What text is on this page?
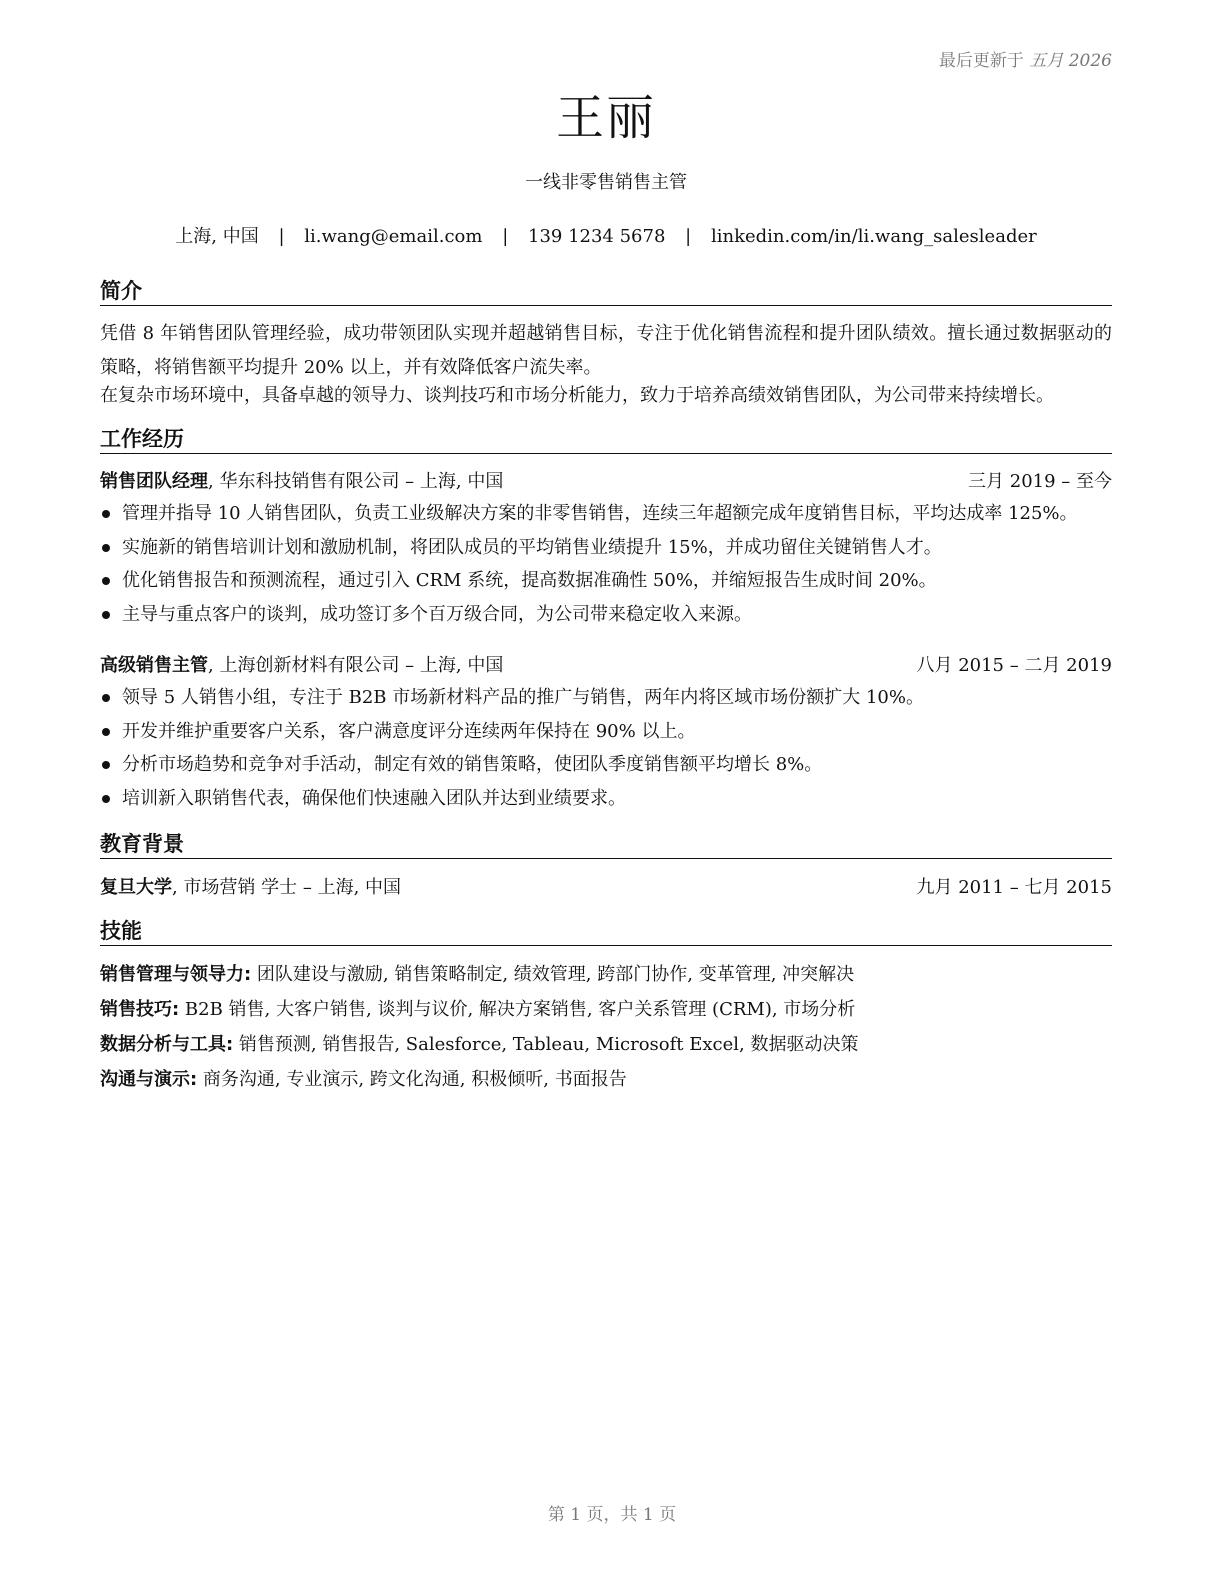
最后更新于 五月 2026
王丽
一线非零售销售主管
上海, 中国 | li.wang@email.com | 139 1234 5678 | linkedin.com/in/li.wang_salesleader
简介
凭借 8 年销售团队管理经验，成功带领团队实现并超越销售目标，专注于优化销售流程和提升团队绩效。擅长通过数据驱动的策略，将销售额平均提升 20% 以上，并有效降低客户流失率。
在复杂市场环境中，具备卓越的领导力、谈判技巧和市场分析能力，致力于培养高绩效销售团队，为公司带来持续增长。
工作经历
销售团队经理, 华东科技销售有限公司 – 上海, 中国	三月 2019 – 至今
管理并指导 10 人销售团队，负责工业级解决方案的非零售销售，连续三年超额完成年度销售目标，平均达成率 125%。
实施新的销售培训计划和激励机制，将团队成员的平均销售业绩提升 15%，并成功留住关键销售人才。
优化销售报告和预测流程，通过引入 CRM 系统，提高数据准确性 50%，并缩短报告生成时间 20%。
主导与重点客户的谈判，成功签订多个百万级合同，为公司带来稳定收入来源。
高级销售主管, 上海创新材料有限公司 – 上海, 中国	八月 2015 – 二月 2019
领导 5 人销售小组，专注于 B2B 市场新材料产品的推广与销售，两年内将区域市场份额扩大 10%。
开发并维护重要客户关系，客户满意度评分连续两年保持在 90% 以上。
分析市场趋势和竞争对手活动，制定有效的销售策略，使团队季度销售额平均增长 8%。
培训新入职销售代表，确保他们快速融入团队并达到业绩要求。
教育背景
复旦大学, 市场营销 学士 – 上海, 中国	九月 2011 – 七月 2015
技能
销售管理与领导力: 团队建设与激励, 销售策略制定, 绩效管理, 跨部门协作, 变革管理, 冲突解决
销售技巧: B2B 销售, 大客户销售, 谈判与议价, 解决方案销售, 客户关系管理 (CRM), 市场分析
数据分析与工具: 销售预测, 销售报告, Salesforce, Tableau, Microsoft Excel, 数据驱动决策
沟通与演示: 商务沟通, 专业演示, 跨文化沟通, 积极倾听, 书面报告
第 1 页，共 1 页
